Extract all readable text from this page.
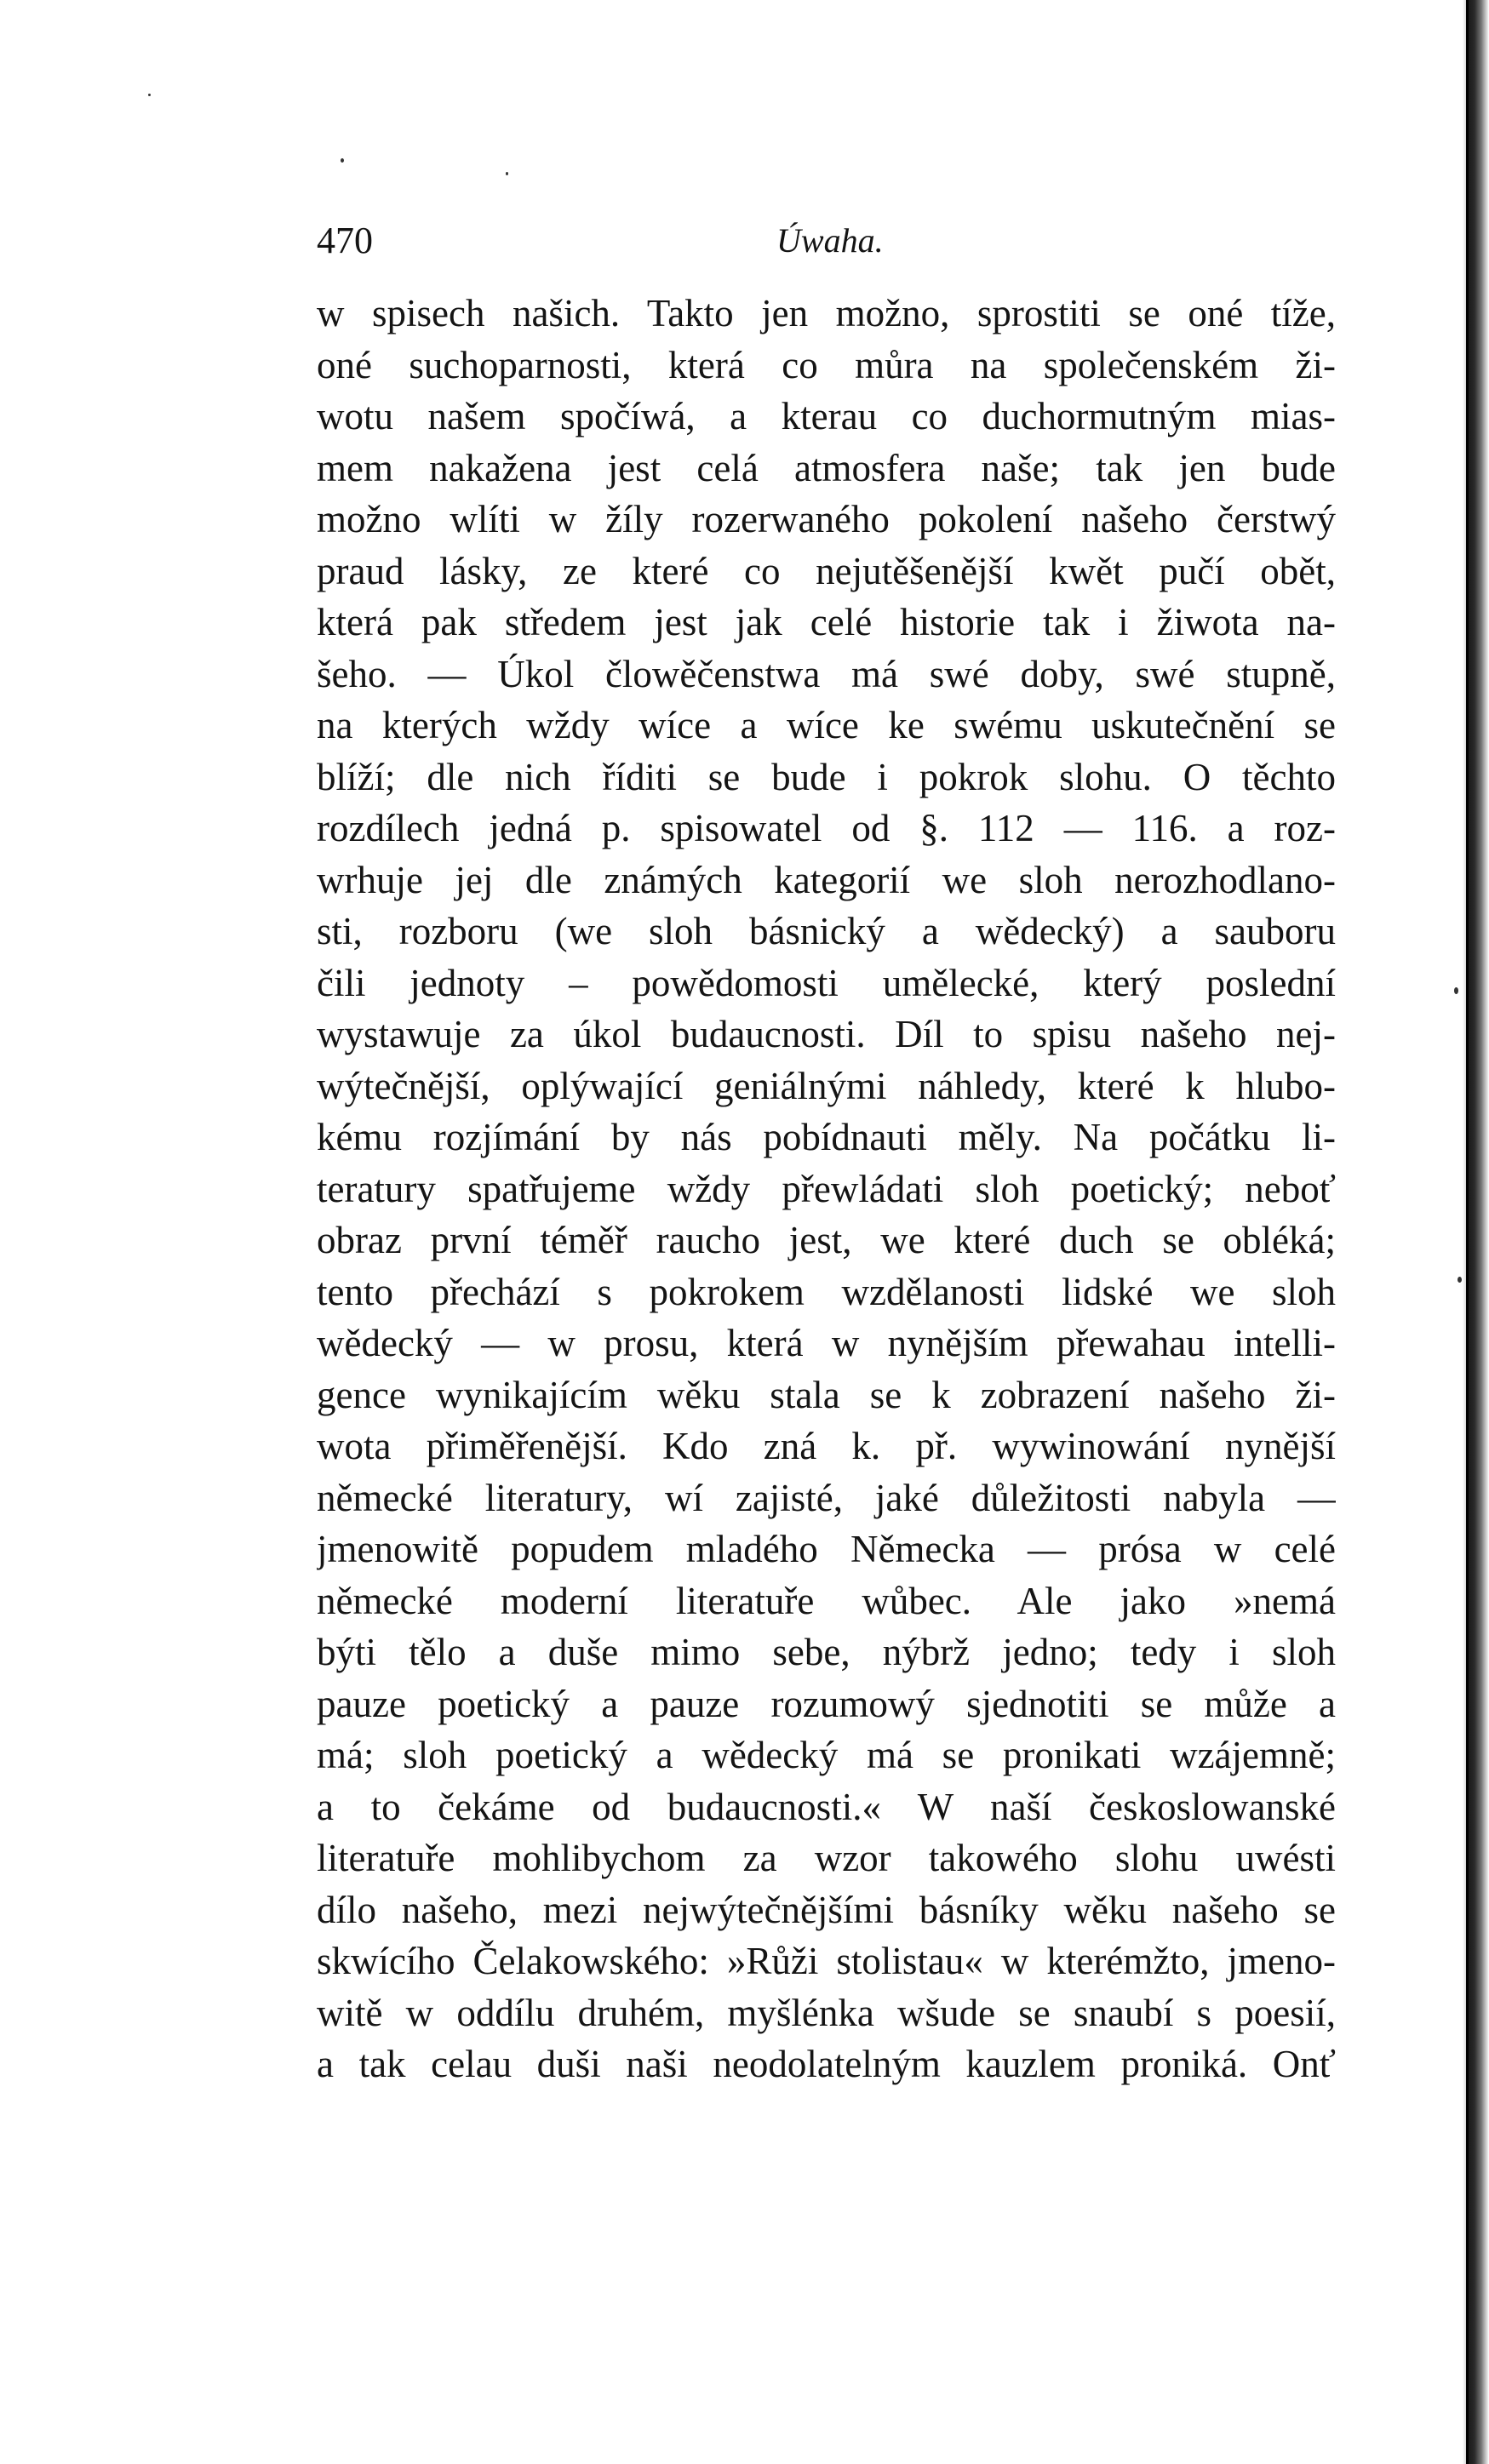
470	Úwaha.
w spisech našich. Takto jen možno, sprostiti se oné tíže,
oné suchoparnosti, která co můra na společenském ži-
wotu našem spočíwá, a kterau co duchormutným mias-
mem nakažena jest celá atmosfera naše; tak jen bude
možno wlíti w žíly rozerwaného pokolení našeho čerstwý
praud lásky, ze které co nejutěšenější kwět pučí obět,
která pak středem jest jak celé historie tak i žiwota na-
šeho. — Úkol člowěčenstwa má swé doby, swé stupně,
na kterých wždy wíce a wíce ke swému uskutečnění se
blíží; dle nich říditi se bude i pokrok slohu. O těchto
rozdílech jedná p. spisowatel od §. 112 — 116. a roz-
wrhuje jej dle známých kategorií we sloh nerozhodlano-
sti, rozboru (we sloh básnický a wědecký) a sauboru
čili jednoty – powědomosti umělecké, který poslední
wystawuje za úkol budaucnosti. Díl to spisu našeho nej-
wýtečnější, oplýwající geniálnými náhledy, které k hlubo-
kému rozjímání by nás pobídnauti měly. Na počátku li-
teratury spatřujeme wždy přewládati sloh poetický; neboť
obraz první téměř raucho jest, we které duch se obléká;
tento přechází s pokrokem wzdělanosti lidské we sloh
wědecký — w prosu, která w nynějším přewahau intelli-
gence wynikajícím wěku stala se k zobrazení našeho ži-
wota přiměřenější. Kdo zná k. př. wywinowání nynější
německé literatury, wí zajisté, jaké důležitosti nabyla —
jmenowitě popudem mladého Německa — prósa w celé
německé moderní literatuře wůbec. Ale jako »nemá
býti tělo a duše mimo sebe, nýbrž jedno; tedy i sloh
pauze poetický a pauze rozumowý sjednotiti se může a
má; sloh poetický a wědecký má se pronikati wzájemně;
a to čekáme od budaucnosti.« W naší českoslowanské
literatuře mohlibychom za wzor takowého slohu uwésti
dílo našeho, mezi nejwýtečnějšími básníky wěku našeho se
skwícího Čelakowského: »Růži stolistau« w kterémžto, jmeno-
witě w oddílu druhém, myšlénka wšude se snaubí s poesií,
a tak celau duši naši neodolatelným kauzlem proniká. Onť
